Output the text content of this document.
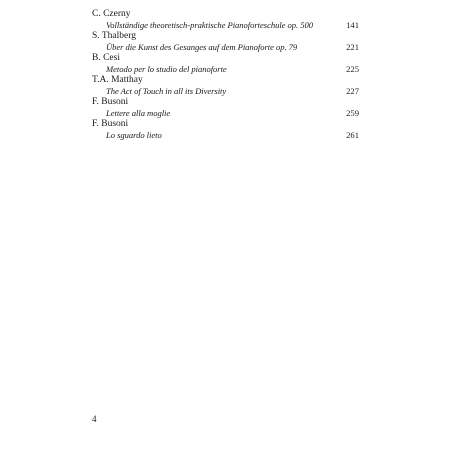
C. Czerny
Vollständige theoretisch-praktische Pianoforteschule op. 500	141
S. Thalberg
Über die Kunst des Gesanges auf dem Pianoforte op. 79	221
B. Cesi
Metodo per lo studio del pianoforte	225
T.A. Matthay
The Act of Touch in all its Diversity	227
F. Busoni
Lettere alla moglie	259
F. Busoni
Lo sguardo lieto	261
4
